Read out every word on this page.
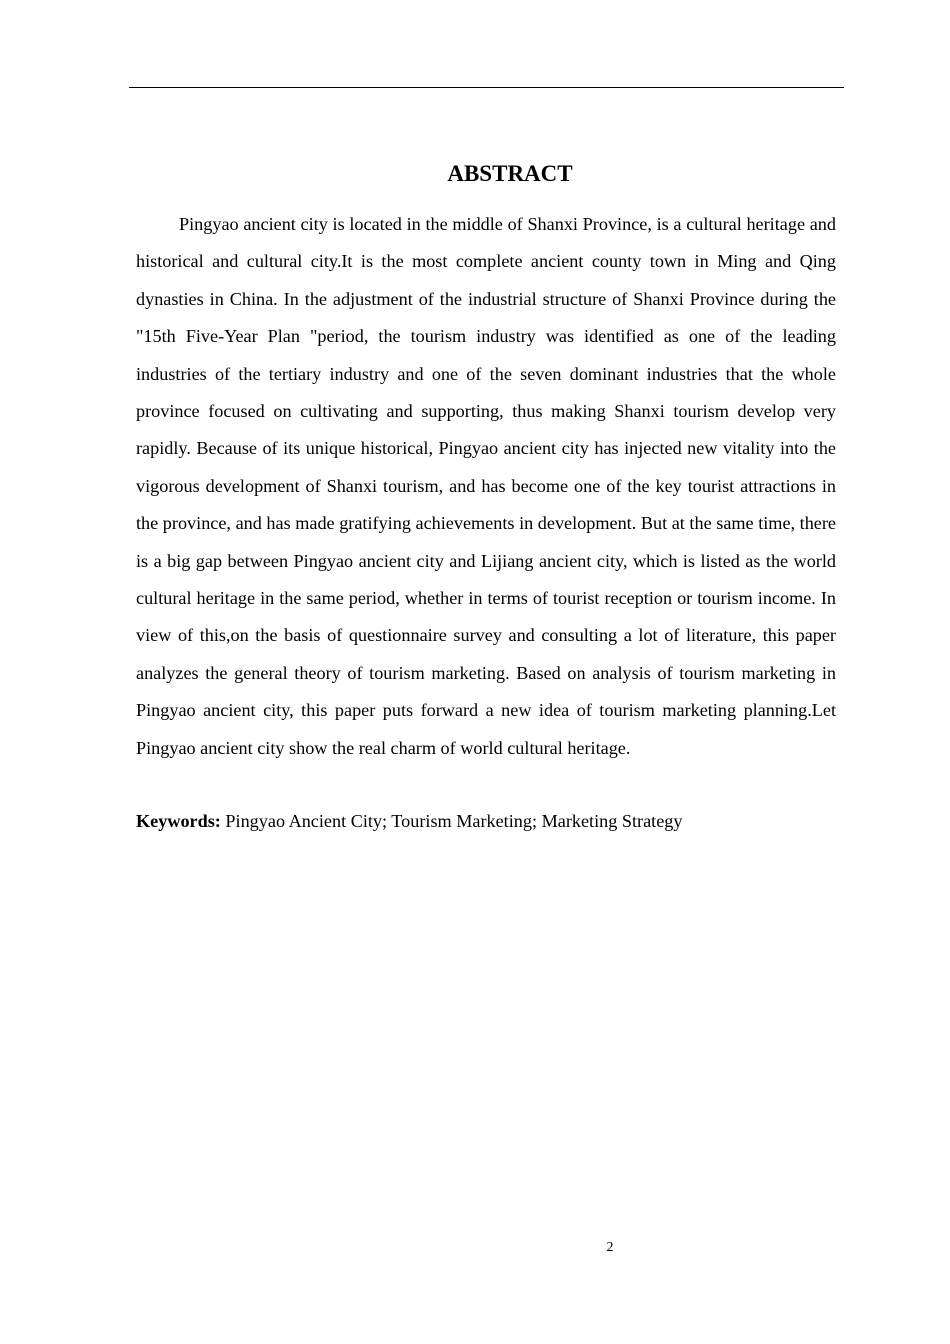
ABSTRACT

Pingyao ancient city is located in the middle of Shanxi Province, is a cultural heritage and historical and cultural city.It is the most complete ancient county town in Ming and Qing dynasties in China. In the adjustment of the industrial structure of Shanxi Province during the "15th Five-Year Plan "period, the tourism industry was identified as one of the leading industries of the tertiary industry and one of the seven dominant industries that the whole province focused on cultivating and supporting, thus making Shanxi tourism develop very rapidly. Because of its unique historical, Pingyao ancient city has injected new vitality into the vigorous development of Shanxi tourism, and has become one of the key tourist attractions in the province, and has made gratifying achievements in development. But at the same time, there is a big gap between Pingyao ancient city and Lijiang ancient city, which is listed as the world cultural heritage in the same period, whether in terms of tourist reception or tourism income. In view of this,on the basis of questionnaire survey and consulting a lot of literature, this paper analyzes the general theory of tourism marketing. Based on analysis of tourism marketing in Pingyao ancient city, this paper puts forward a new idea of tourism marketing planning.Let Pingyao ancient city show the real charm of world cultural heritage.

Keywords: Pingyao Ancient City; Tourism Marketing; Marketing Strategy

2
